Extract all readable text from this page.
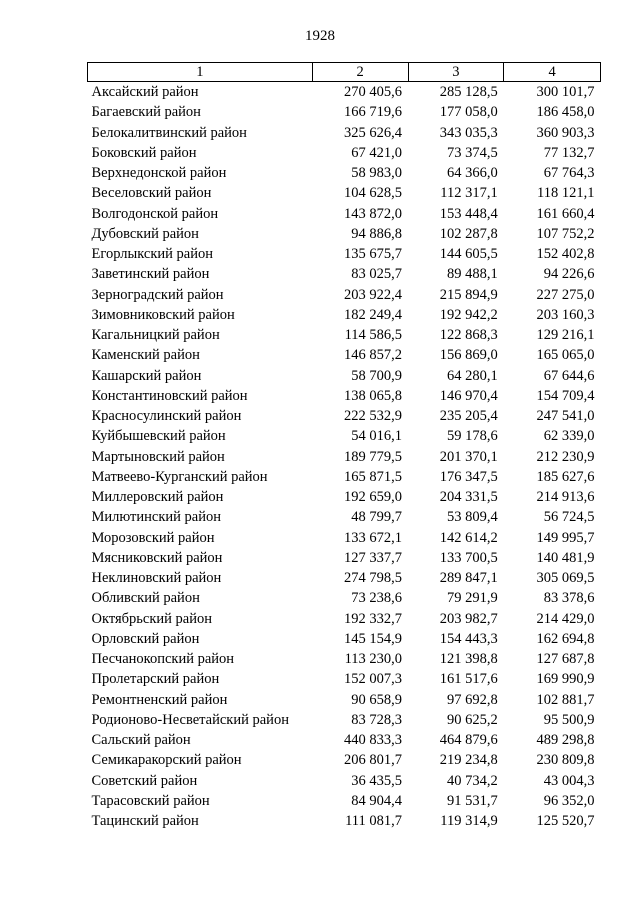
1928
1	2	3	4
Аксайский район	270 405,6	285 128,5	300 101,7
Багаевский район	166 719,6	177 058,0	186 458,0
Белокалитвинский район	325 626,4	343 035,3	360 903,3
Боковский район	67 421,0	73 374,5	77 132,7
Верхнедонской район	58 983,0	64 366,0	67 764,3
Веселовский район	104 628,5	112 317,1	118 121,1
Волгодонской район	143 872,0	153 448,4	161 660,4
Дубовский район	94 886,8	102 287,8	107 752,2
Егорлыкский район	135 675,7	144 605,5	152 402,8
Заветинский район	83 025,7	89 488,1	94 226,6
Зерноградский район	203 922,4	215 894,9	227 275,0
Зимовниковский район	182 249,4	192 942,2	203 160,3
Кагальницкий район	114 586,5	122 868,3	129 216,1
Каменский район	146 857,2	156 869,0	165 065,0
Кашарский район	58 700,9	64 280,1	67 644,6
Константиновский район	138 065,8	146 970,4	154 709,4
Красносулинский район	222 532,9	235 205,4	247 541,0
Куйбышевский район	54 016,1	59 178,6	62 339,0
Мартыновский район	189 779,5	201 370,1	212 230,9
Матвеево-Курганский район	165 871,5	176 347,5	185 627,6
Миллеровский район	192 659,0	204 331,5	214 913,6
Милютинский район	48 799,7	53 809,4	56 724,5
Морозовский район	133 672,1	142 614,2	149 995,7
Мясниковский район	127 337,7	133 700,5	140 481,9
Неклиновский район	274 798,5	289 847,1	305 069,5
Обливский район	73 238,6	79 291,9	83 378,6
Октябрьский район	192 332,7	203 982,7	214 429,0
Орловский район	145 154,9	154 443,3	162 694,8
Песчанокопский район	113 230,0	121 398,8	127 687,8
Пролетарский район	152 007,3	161 517,6	169 990,9
Ремонтненский район	90 658,9	97 692,8	102 881,7
Родионово-Несветайский район	83 728,3	90 625,2	95 500,9
Сальский район	440 833,3	464 879,6	489 298,8
Семикаракорский район	206 801,7	219 234,8	230 809,8
Советский район	36 435,5	40 734,2	43 004,3
Тарасовский район	84 904,4	91 531,7	96 352,0
Тацинский район	111 081,7	119 314,9	125 520,7
